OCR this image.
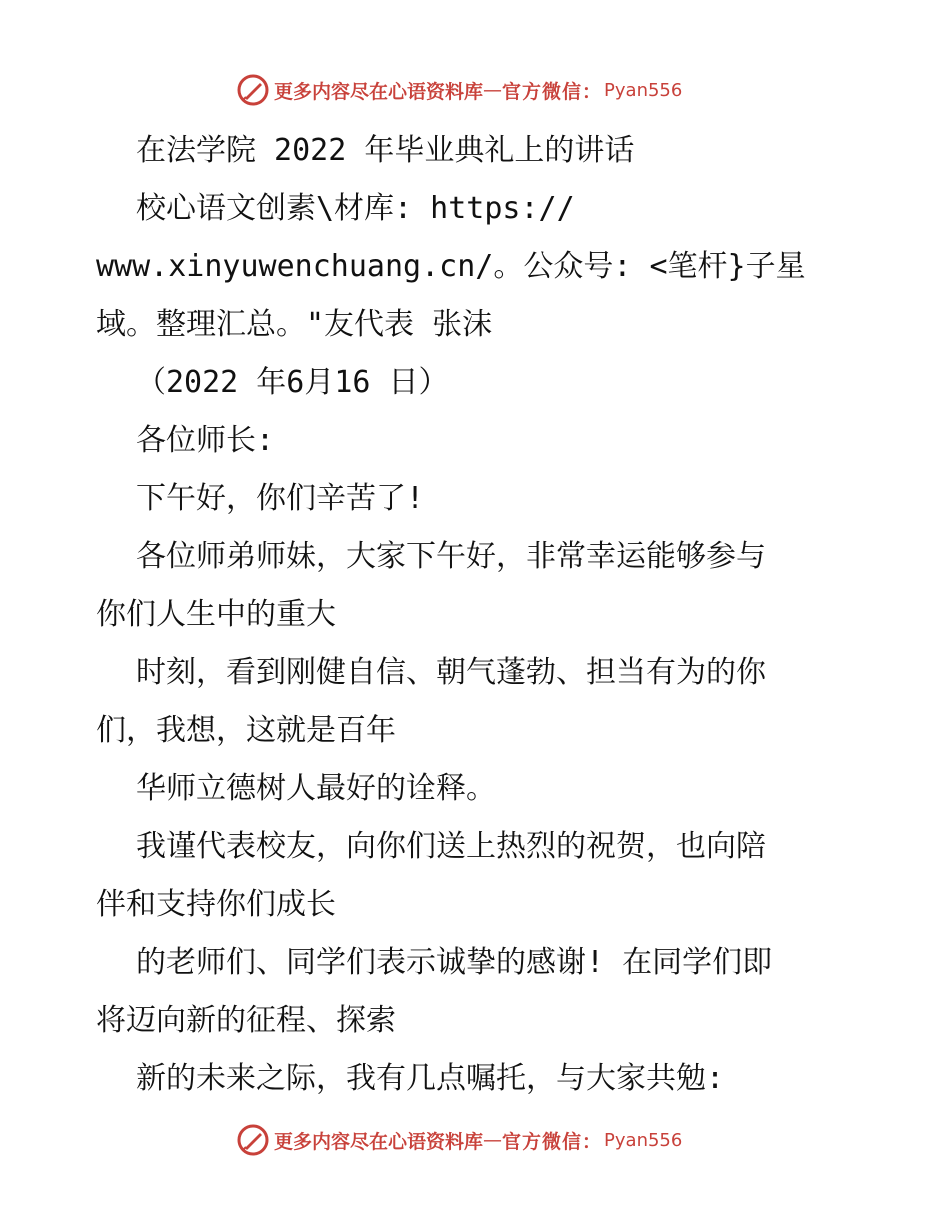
更多内容尽在心语资料库 — 官方微信： Pyan556
在法学院 2022 年毕业典礼上的讲话
校心语文创素\材库: https://
www.xinyuwenchuang.cn/。公众号: <笔杆}子星
域。整理汇总。"友代表 张沫
（2022 年6月16 日）
各位师长:
下午好，你们辛苦了!
各位师弟师妹，大家下午好，非常幸运能够参与
你们人生中的重大
时刻，看到刚健自信、朝气蓬勃、担当有为的你
们，我想，这就是百年
华师立德树人最好的诠释。
我谨代表校友，向你们送上热烈的祝贺，也向陪
伴和支持你们成长
的老师们、同学们表示诚挚的感谢! 在同学们即
将迈向新的征程、探索
新的未来之际，我有几点嘱托，与大家共勉:
更多内容尽在心语资料库 — 官方微信： Pyan556
